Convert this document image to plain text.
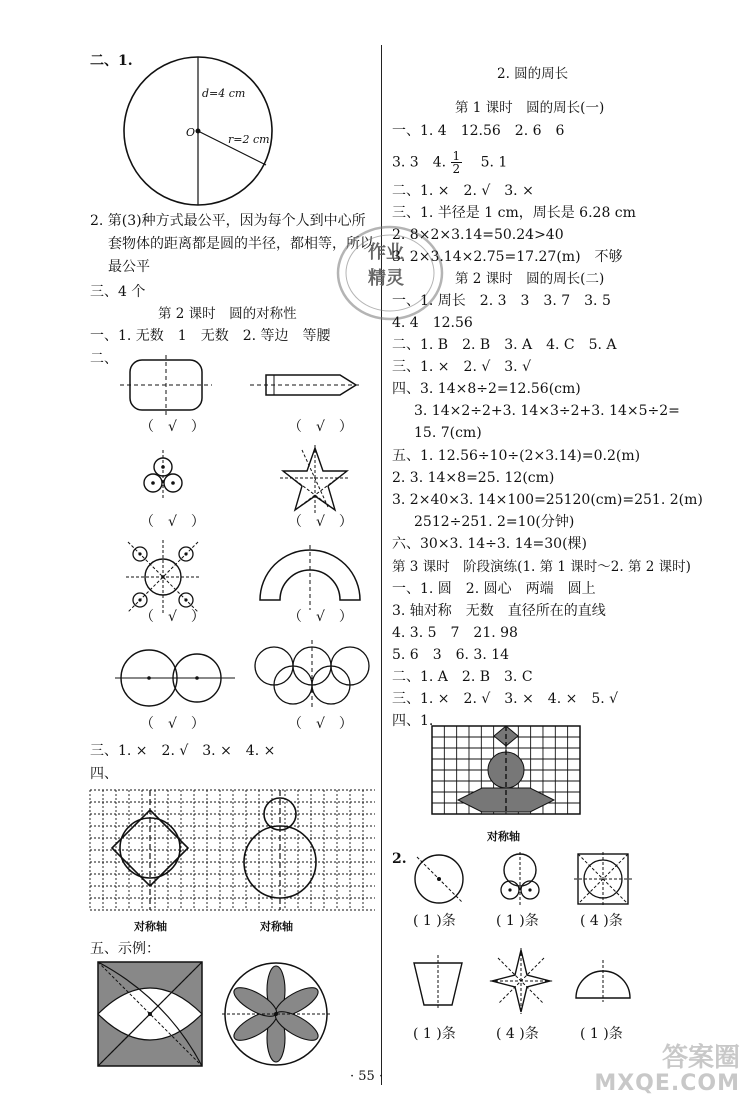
二、1.
d=4 cm
O
r=2 cm
2. 第(3)种方式最公平，因为每个人到中心所
套物体的距离都是圆的半径，都相等，所以
最公平
三、4 个
第 2 课时　圆的对称性
一、1. 无数　1　无数　2. 等边　等腰
二、
（　√　）	（　√　）
（　√　）	（　√　）
（　√　）	（　√　）
（　√　）	（　√　）
三、1. ×　2. √　3. ×　4. ×
四、
对称轴	对称轴
五、示例：
作业
精灵
2. 圆的周长
第 1 课时　圆的周长(一)
一、1. 4　12.56　2. 6　6
3. 3　4. $\frac{1}{2}$ 　5. 1
二、1. ×　2. √　3. ×
三、1. 半径是 1 cm，周长是 6.28 cm
2. 8×2×3.14=50.24>40
3. 2×3.14×2.75=17.27(m)　不够
第 2 课时　圆的周长(二)
一、1. 周长　2. 3　3　3. 7　3. 5
4. 4　12.56
二、1. B　2. B　3. A　4. C　5. A
三、1. ×　2. √　3. √
四、3. 14×8÷2=12.56(cm)
3. 14×2÷2+3. 14×3÷2+3. 14×5÷2=
15. 7(cm)
五、1. 12.56÷10÷(2×3.14)=0.2(m)
2. 3. 14×8=25. 12(cm)
3. 2×40×3. 14×100=25120(cm)=251. 2(m)
2512÷251. 2=10(分钟)
六、30×3. 14÷3. 14=30(棵)
第 3 课时　阶段演练(1. 第 1 课时～2. 第 2 课时)
一、1. 圆　2. 圆心　两端　圆上
3. 轴对称　无数　直径所在的直线
4. 3. 5　7　21. 98
5. 6　3　6. 3. 14
二、1. A　2. B　3. C
三、1. ×　2. √　3. ×　4. ×　5. √
四、1.
对称轴
2.
( 1 )条	( 1 )条	( 4 )条
( 1 )条	( 4 )条	( 1 )条
· 55 ·
答案圈
MXQE.COM
